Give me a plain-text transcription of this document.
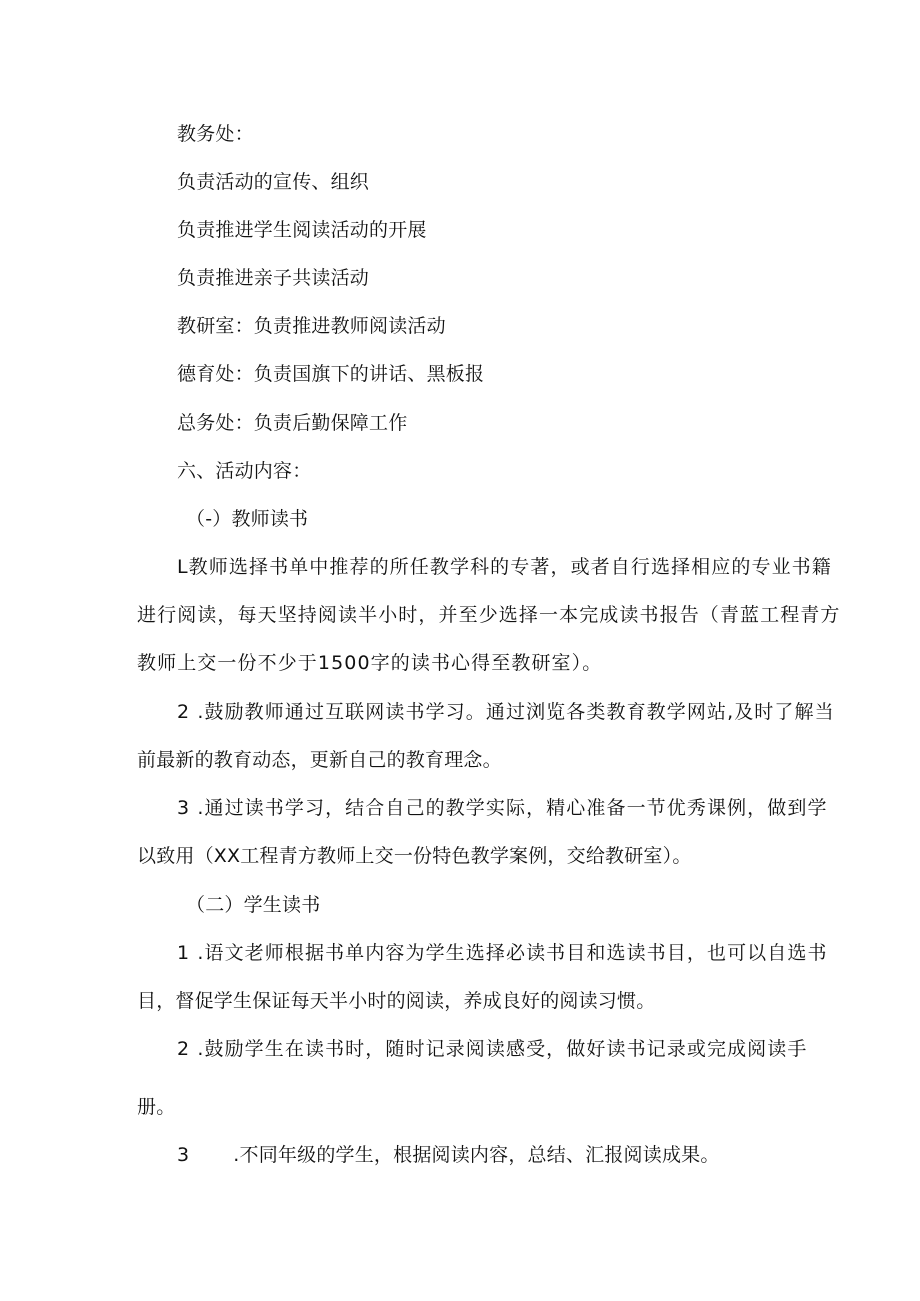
教务处：
负责活动的宣传、组织
负责推进学生阅读活动的开展
负责推进亲子共读活动
教研室：负责推进教师阅读活动
德育处：负责国旗下的讲话、黑板报
总务处：负责后勤保障工作
六、活动内容：
（-）教师读书
L教师选择书单中推荐的所任教学科的专著，或者自行选择相应的专业书籍
进行阅读，每天坚持阅读半小时，并至少选择一本完成读书报告（青蓝工程青方
教师上交一份不少于1500字的读书心得至教研室）。
2 .鼓励教师通过互联网读书学习。通过浏览各类教育教学网站,及时了解当
前最新的教育动态，更新自己的教育理念。
3 .通过读书学习，结合自己的教学实际，精心准备一节优秀课例，做到学
以致用（XX工程青方教师上交一份特色教学案例，交给教研室）。
（二）学生读书
1 .语文老师根据书单内容为学生选择必读书目和选读书目，也可以自选书
目，督促学生保证每天半小时的阅读，养成良好的阅读习惯。
2 .鼓励学生在读书时，随时记录阅读感受，做好读书记录或完成阅读手
册。
3 .不同年级的学生，根据阅读内容，总结、汇报阅读成果。
